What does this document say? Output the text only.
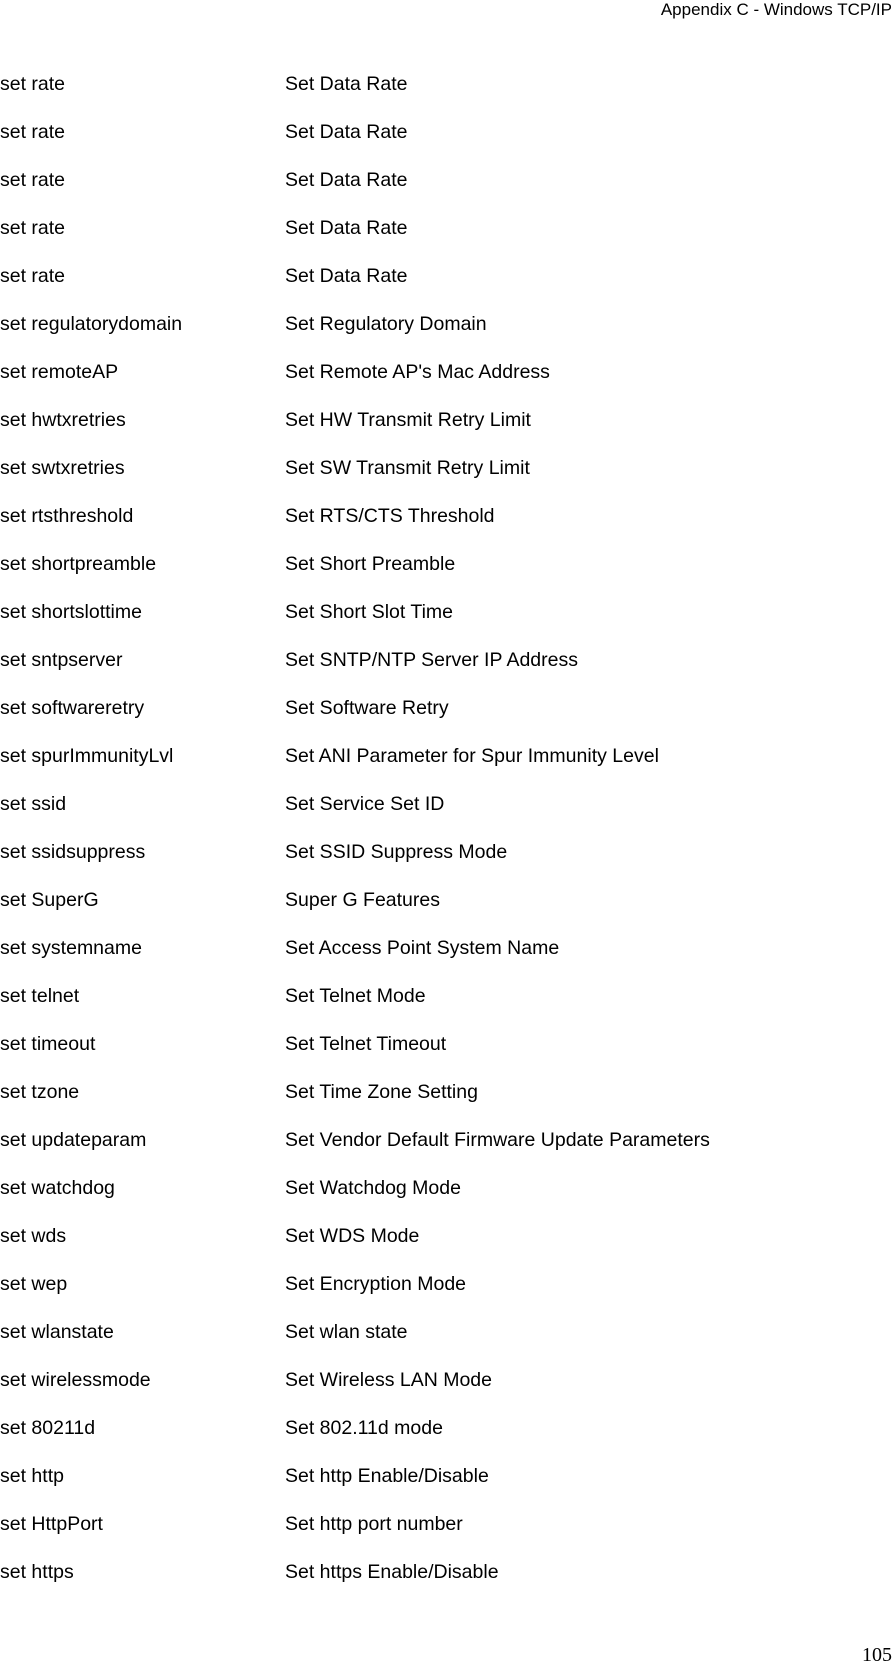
Appendix C - Windows TCP/IP
set rate	Set Data Rate
set rate	Set Data Rate
set rate	Set Data Rate
set rate	Set Data Rate
set rate	Set Data Rate
set regulatorydomain	Set Regulatory Domain
set remoteAP	Set Remote AP's Mac Address
set hwtxretries	Set HW Transmit Retry Limit
set swtxretries	Set SW Transmit Retry Limit
set rtsthreshold	Set RTS/CTS Threshold
set shortpreamble	Set Short Preamble
set shortslottime	Set Short Slot Time
set sntpserver	Set SNTP/NTP Server IP Address
set softwareretry	Set Software Retry
set spurImmunityLvl	Set ANI Parameter for Spur Immunity Level
set ssid	Set Service Set ID
set ssidsuppress	Set SSID Suppress Mode
set SuperG	Super G Features
set systemname	Set Access Point System Name
set telnet	Set Telnet Mode
set timeout	Set Telnet Timeout
set tzone	Set Time Zone Setting
set updateparam	Set Vendor Default Firmware Update Parameters
set watchdog	Set Watchdog Mode
set wds	Set WDS Mode
set wep	Set Encryption Mode
set wlanstate	Set wlan state
set wirelessmode	Set Wireless LAN Mode
set 80211d	Set 802.11d mode
set http	Set http Enable/Disable
set HttpPort	Set http port number
set https	Set https Enable/Disable
105
